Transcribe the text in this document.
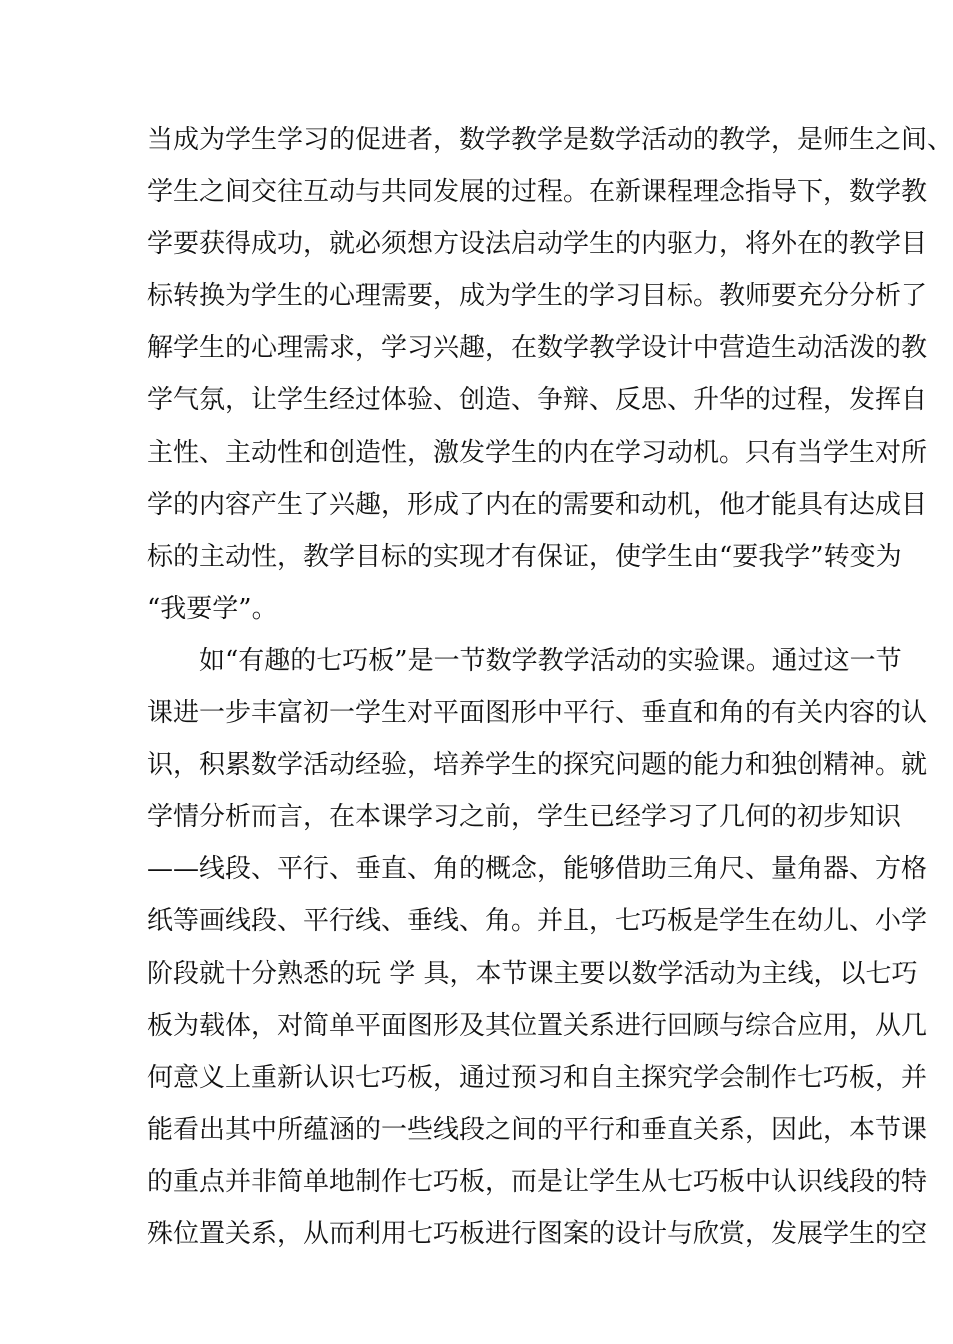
当成为学生学习的促进者，数学教学是数学活动的教学，是师生之间、
学生之间交往互动与共同发展的过程。在新课程理念指导下，数学教
学要获得成功，就必须想方设法启动学生的内驱力，将外在的教学目
标转换为学生的心理需要，成为学生的学习目标。教师要充分分析了
解学生的心理需求，学习兴趣，在数学教学设计中营造生动活泼的教
学气氛，让学生经过体验、创造、争辩、反思、升华的过程，发挥自
主性、主动性和创造性，激发学生的内在学习动机。只有当学生对所
学的内容产生了兴趣，形成了内在的需要和动机，他才能具有达成目
标的主动性，教学目标的实现才有保证，使学生由“要我学”转变为
“我要学”。
如“有趣的七巧板”是一节数学教学活动的实验课。通过这一节
课进一步丰富初一学生对平面图形中平行、垂直和角的有关内容的认
识，积累数学活动经验，培养学生的探究问题的能力和独创精神。就
学情分析而言，在本课学习之前，学生已经学习了几何的初步知识
——线段、平行、垂直、角的概念，能够借助三角尺、量角器、方格
纸等画线段、平行线、垂线、角。并且，七巧板是学生在幼儿、小学
阶段就十分熟悉的玩 学 具，本节课主要以数学活动为主线，以七巧
板为载体，对简单平面图形及其位置关系进行回顾与综合应用，从几
何意义上重新认识七巧板，通过预习和自主探究学会制作七巧板，并
能看出其中所蕴涵的一些线段之间的平行和垂直关系，因此，本节课
的重点并非简单地制作七巧板，而是让学生从七巧板中认识线段的特
殊位置关系，从而利用七巧板进行图案的设计与欣赏，发展学生的空
